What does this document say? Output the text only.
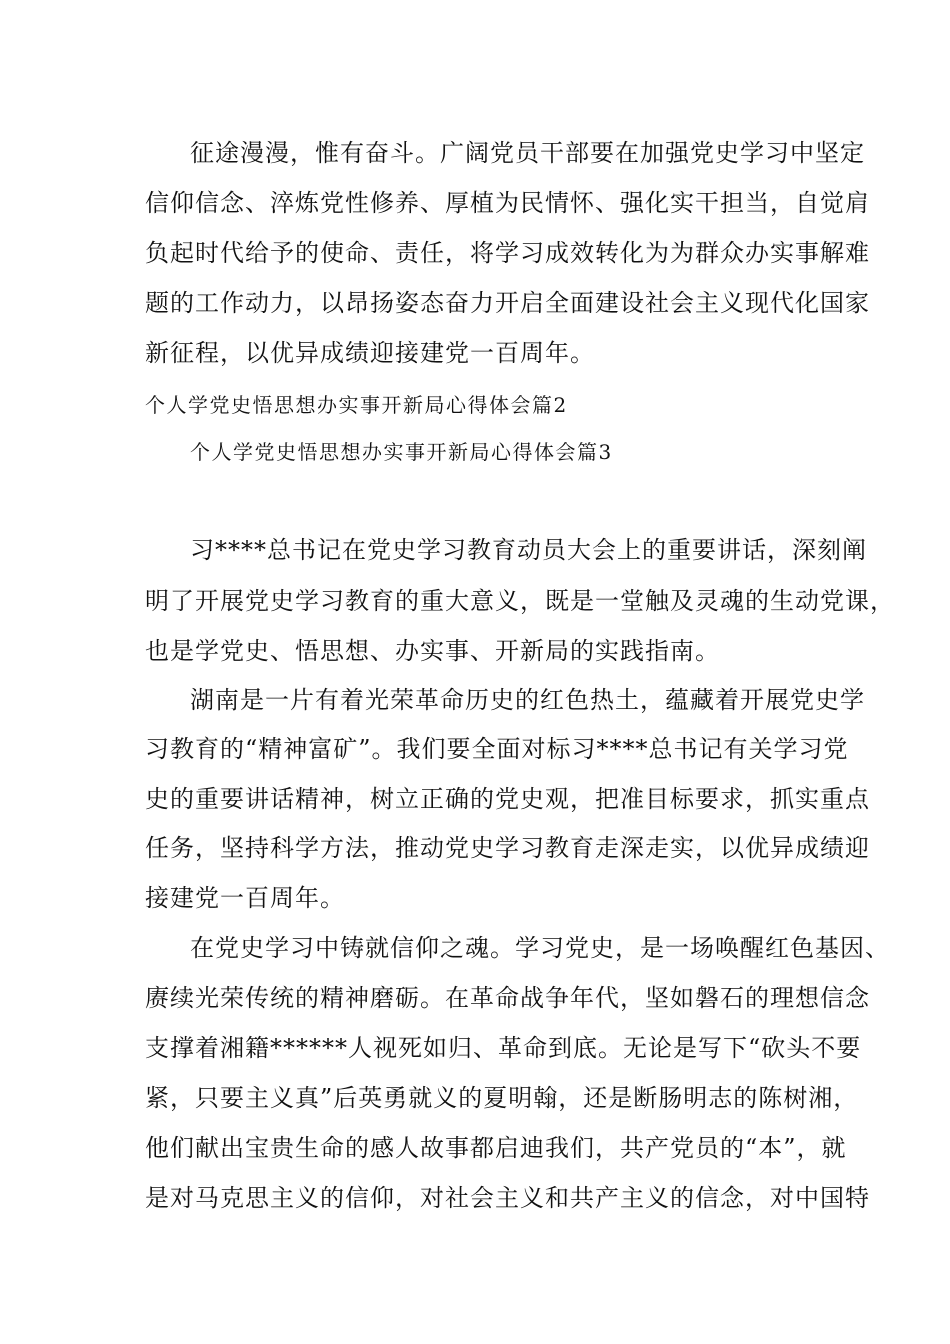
征途漫漫，惟有奋斗。广阔党员干部要在加强党史学习中坚定
信仰信念、淬炼党性修养、厚植为民情怀、强化实干担当，自觉肩
负起时代给予的使命、责任，将学习成效转化为为群众办实事解难
题的工作动力，以昂扬姿态奋力开启全面建设社会主义现代化国家
新征程，以优异成绩迎接建党一百周年。
个人学党史悟思想办实事开新局心得体会篇2
个人学党史悟思想办实事开新局心得体会篇3
习****总书记在党史学习教育动员大会上的重要讲话，深刻阐
明了开展党史学习教育的重大意义，既是一堂触及灵魂的生动党课，
也是学党史、悟思想、办实事、开新局的实践指南。
湖南是一片有着光荣革命历史的红色热土，蕴藏着开展党史学
习教育的“精神富矿”。我们要全面对标习****总书记有关学习党
史的重要讲话精神，树立正确的党史观，把准目标要求，抓实重点
任务，坚持科学方法，推动党史学习教育走深走实，以优异成绩迎
接建党一百周年。
在党史学习中铸就信仰之魂。学习党史，是一场唤醒红色基因、
赓续光荣传统的精神磨砺。在革命战争年代，坚如磐石的理想信念
支撑着湘籍******人视死如归、革命到底。无论是写下“砍头不要
紧，只要主义真”后英勇就义的夏明翰，还是断肠明志的陈树湘，
他们献出宝贵生命的感人故事都启迪我们，共产党员的“本”，就
是对马克思主义的信仰，对社会主义和共产主义的信念，对中国特
